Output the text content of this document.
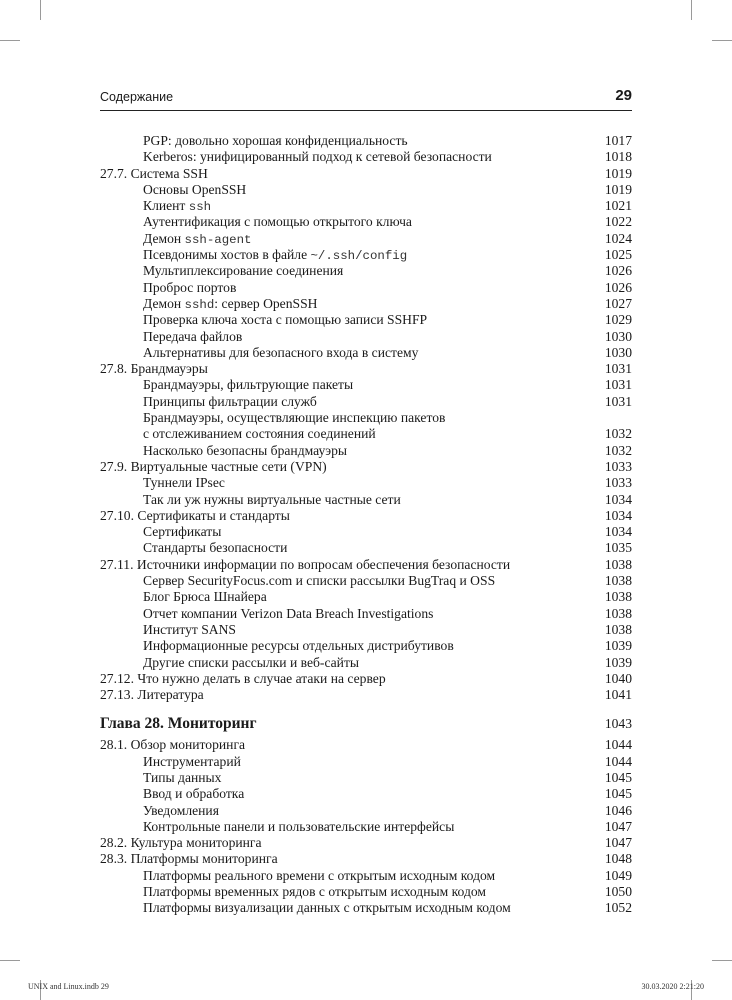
Содержание	29
PGP: довольно хорошая конфиденциальность	1017
Kerberos: унифицированный подход к сетевой безопасности	1018
27.7. Система SSH	1019
Основы OpenSSH	1019
Клиент ssh	1021
Аутентификация с помощью открытого ключа	1022
Демон ssh-agent	1024
Псевдонимы хостов в файле ~/.ssh/config	1025
Мультиплексирование соединения	1026
Проброс портов	1026
Демон sshd: сервер OpenSSH	1027
Проверка ключа хоста с помощью записи SSHFP	1029
Передача файлов	1030
Альтернативы для безопасного входа в систему	1030
27.8. Брандмауэры	1031
Брандмауэры, фильтрующие пакеты	1031
Принципы фильтрации служб	1031
Брандмауэры, осуществляющие инспекцию пакетов
с отслеживанием состояния соединений	1032
Насколько безопасны брандмауэры	1032
27.9. Виртуальные частные сети (VPN)	1033
Туннели IPsec	1033
Так ли уж нужны виртуальные частные сети	1034
27.10. Сертификаты и стандарты	1034
Сертификаты	1034
Стандарты безопасности	1035
27.11. Источники информации по вопросам обеспечения безопасности	1038
Сервер SecurityFocus.com и списки рассылки BugTraq и OSS	1038
Блог Брюса Шнайера	1038
Отчет компании Verizon Data Breach Investigations	1038
Институт SANS	1038
Информационные ресурсы отдельных дистрибутивов	1039
Другие списки рассылки и веб-сайты	1039
27.12. Что нужно делать в случае атаки на сервер	1040
27.13. Литература	1041
Глава 28. Мониторинг	1043
28.1. Обзор мониторинга	1044
Инструментарий	1044
Типы данных	1045
Ввод и обработка	1045
Уведомления	1046
Контрольные панели и пользовательские интерфейсы	1047
28.2. Культура мониторинга	1047
28.3. Платформы мониторинга	1048
Платформы реального времени с открытым исходным кодом	1049
Платформы временных рядов с открытым исходным кодом	1050
Платформы визуализации данных с открытым исходным кодом	1052
UNIX and Linux.indb 29	30.03.2020 2:21:20
